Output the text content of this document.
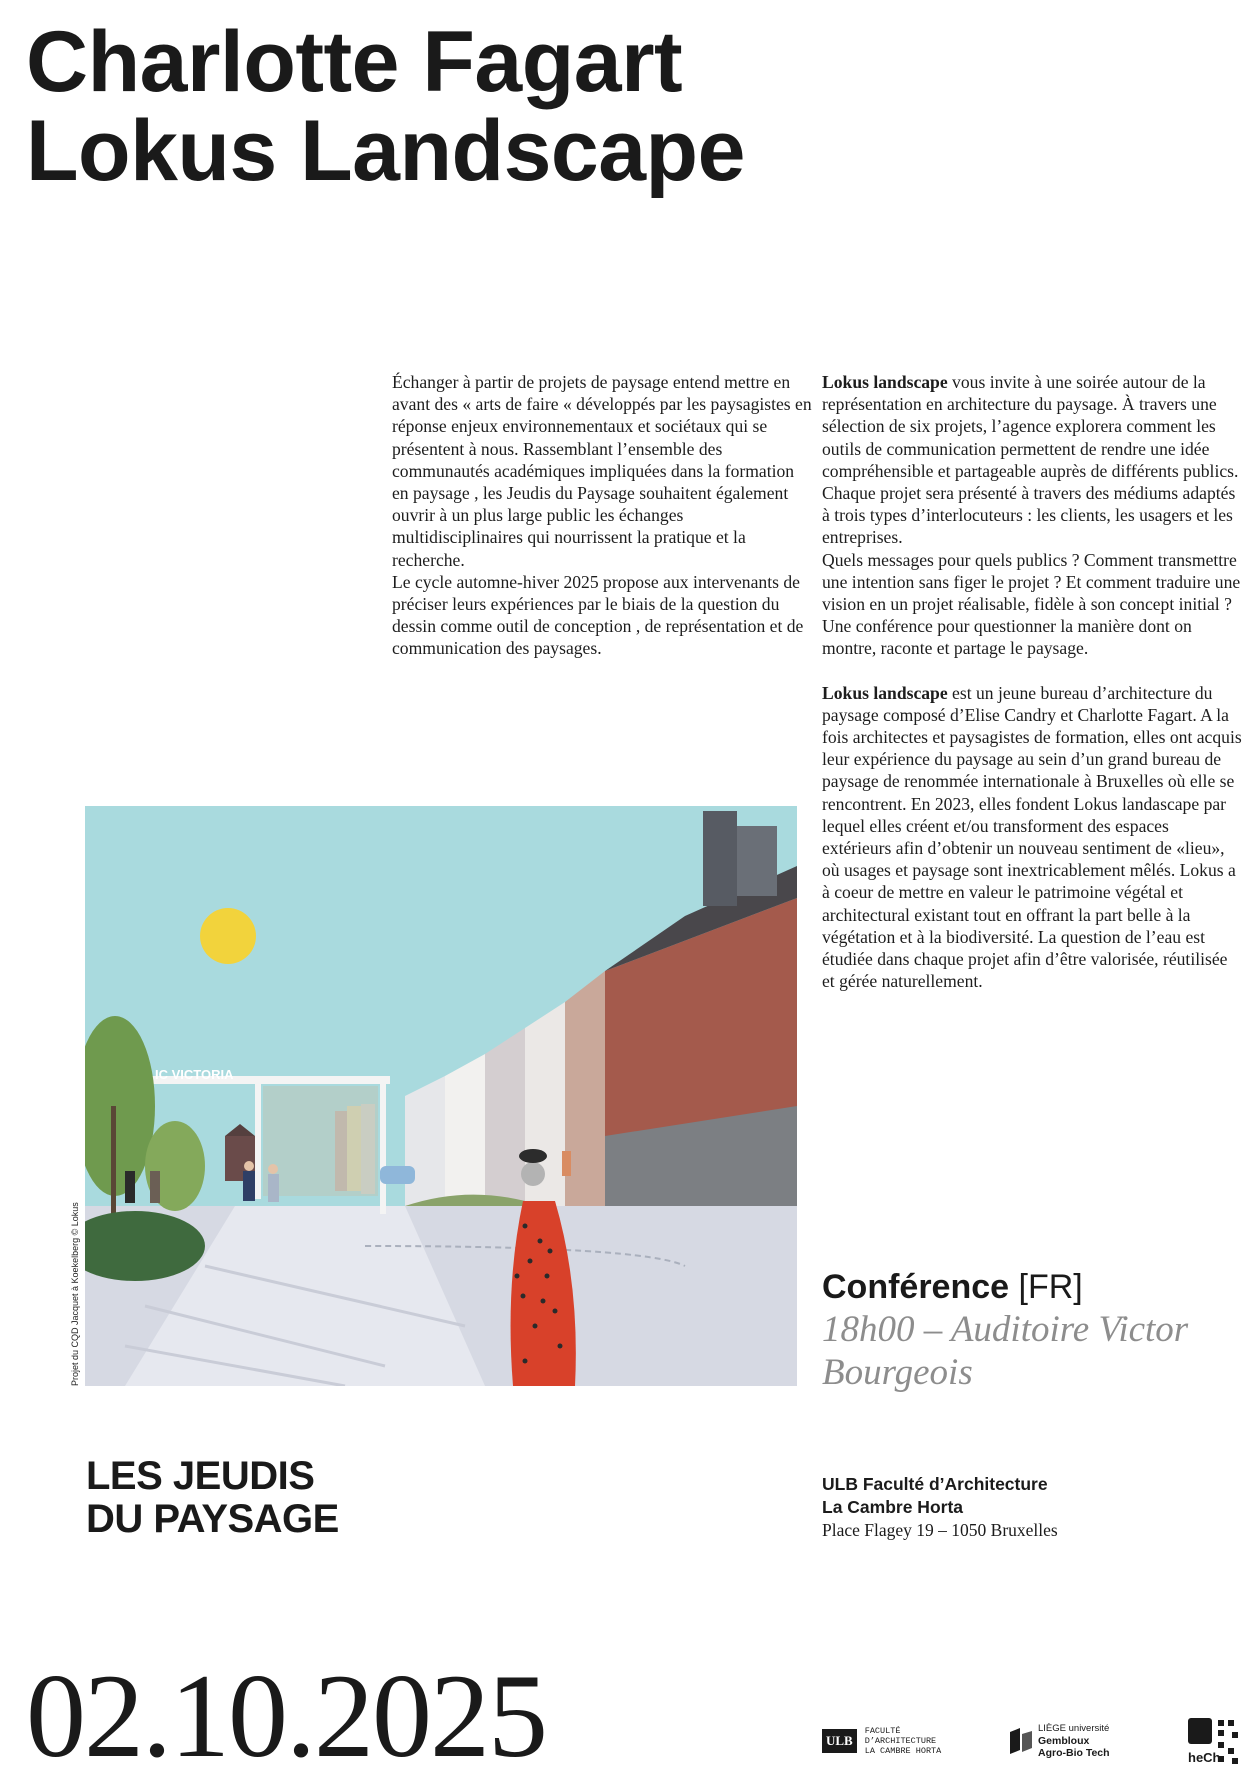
Charlotte Fagart
Lokus Landscape

Échanger à partir de projets de paysage entend mettre en avant des « arts de faire « développés par les paysagistes en réponse enjeux environnementaux et sociétaux qui se présentent à nous. Rassemblant l’ensemble des communautés académiques impliquées dans la formation en paysage , les Jeudis du Paysage souhaitent également ouvrir à un plus large public les échanges multidisciplinaires qui nourrissent la pratique et la recherche.

Le cycle automne-hiver 2025 propose aux intervenants de préciser leurs expériences par le biais de la question du dessin comme outil de conception , de représentation et de communication des paysages.

Lokus landscape vous invite à une soirée autour de la représentation en architecture du paysage. À travers une sélection de six projets, l’agence explorera comment les outils de communication permettent de rendre une idée compréhensible et partageable auprès de différents publics. Chaque projet sera présenté à travers des médiums adaptés à trois types d’interlocuteurs : les clients, les usagers et les entreprises.

Quels messages pour quels publics ? Comment transmettre une intention sans figer le projet ? Et comment traduire une vision en un projet réalisable, fidèle à son concept initial ?

Une conférence pour questionner la manière dont on montre, raconte et partage le paysage.

Lokus landscape est un jeune bureau d’architecture du paysage composé d’Elise Candry et Charlotte Fagart. A la fois architectes et paysagistes de formation, elles ont acquis leur expérience du paysage au sein d’un grand bureau de paysage de renommée internationale à Bruxelles où elle se rencontrent. En 2023, elles fondent Lokus landascape par lequel elles créent et/ou transforment des espaces extérieurs afin d’obtenir un nouveau sentiment de «lieu», où usages et paysage sont inextricablement mêlés. Lokus a à coeur de mettre en valeur le patrimoine végétal et architectural existant tout en offrant la part belle à la végétation et à la biodiversité. La question de l’eau est étudiée dans chaque projet afin d’être valorisée, réutilisée et gérée naturellement.

IC VICTORIA
Projet du CQD Jacquet à Koekelberg © Lokus	Conférence [FR]
18h00 – Auditoire Victor Bourgeois
LES JEUDIS
DU PAYSAGE
ULB Faculté d’Architecture
La Cambre Horta
Place Flagey 19 – 1050 Bruxelles
02.10.2025	ULB
FACULTÉ
D’ARCHITECTURE
LA CAMBRE HORTA
LIÈGE université
Gembloux
Agro-Bio Tech	heCh
